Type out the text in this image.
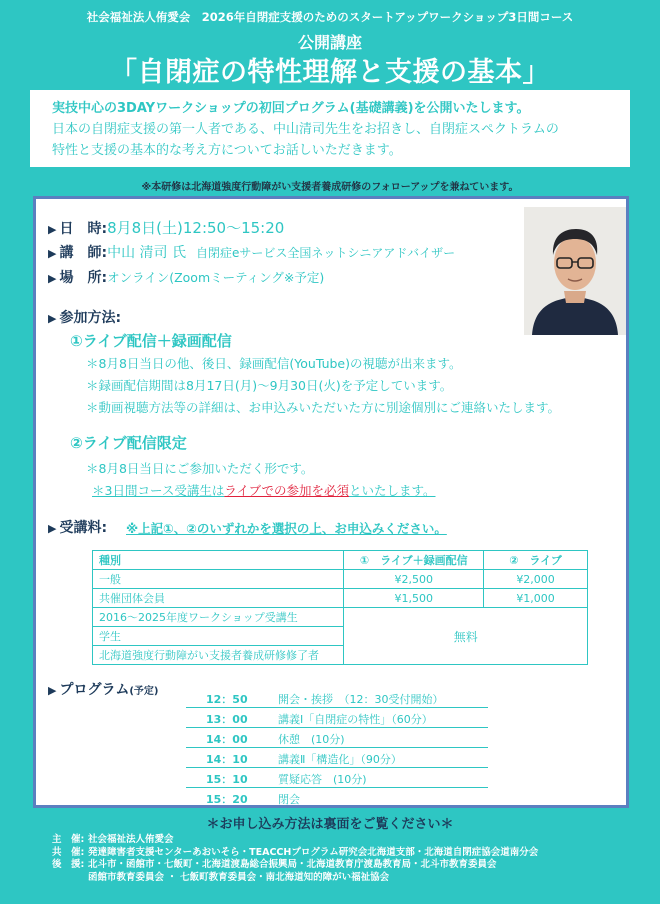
社会福祉法人侑愛会　2026年自閉症支援のためのスタートアップワークショップ3日間コース
公開講座
「自閉症の特性理解と支援の基本」
実技中心の3DAYワークショップの初回プログラム(基礎講義)を公開いたします。
日本の自閉症支援の第一人者である、中山清司先生をお招きし、自閉症スペクトラムの
特性と支援の基本的な考え方についてお話しいただきます。
※本研修は北海道強度行動障がい支援者養成研修のフォローアップを兼ねています。
▶ 日　時:8月8日(土)12:50～15:20
▶ 講　師:中山 清司 氏 自閉症eサービス全国ネットシニアアドバイザー
▶ 場　所:オンライン(Zoomミーティング※予定)
▶ 参加方法:
①ライブ配信＋録画配信
＊8月8日当日の他、後日、録画配信(YouTube)の視聴が出来ます。
＊録画配信期間は8月17日(月)～9月30日(火)を予定しています。
＊動画視聴方法等の詳細は、お申込みいただいた方に別途個別にご連絡いたします。
②ライブ配信限定
＊8月8日当日にご参加いただく形です。
＊3日間コース受講生はライブでの参加を必須といたします。
▶ 受講料: ※上記①、②のいずれかを選択の上、お申込みください。
種別	①　ライブ＋録画配信	②　ライブ
一般	¥2,500	¥2,000
共催団体会員	¥1,500	¥1,000
2016～2025年度ワークショップ受講生	無料	
学生		
北海道強度行動障がい支援者養成研修修了者		
▶ プログラム(予定)
12：50	開会・挨拶　（12：30受付開始）
13：00	講義Ⅰ「自閉症の特性」（60分）
14：00	休憩　(10分)
14：10	講義Ⅱ「構造化」（90分）
15：10	質疑応答　(10分)
15：20	閉会
＊お申し込み方法は裏面をご覧ください＊
主　催: 社会福祉法人侑愛会
共　催: 発達障害者支援センターあおいそら・TEACCHプログラム研究会北海道支部・北海道自閉症協会道南分会
後　援: 北斗市・函館市・七飯町・北海道渡島総合振興局・北海道教育庁渡島教育局・北斗市教育委員会
函館市教育委員会 ・ 七飯町教育委員会・南北海道知的障がい福祉協会
